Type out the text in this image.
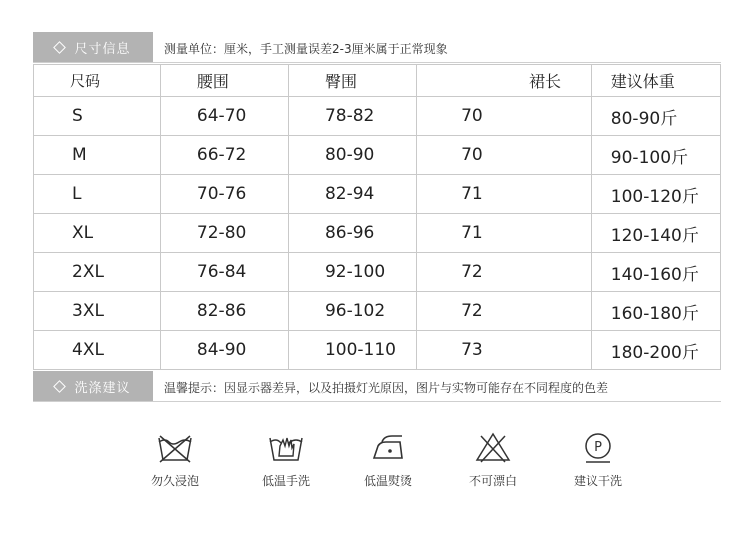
尺寸信息	测量单位：厘米，手工测量误差2-3厘米属于正常现象
尺码	腰围	臀围	裙长	建议体重
S	64-70	78-82	70	80-90斤
M	66-72	80-90	70	90-100斤
L	70-76	82-94	71	100-120斤
XL	72-80	86-96	71	120-140斤
2XL	76-84	92-100	72	140-160斤
3XL	82-86	96-102	72	160-180斤
4XL	84-90	100-110	73	180-200斤
洗涤建议	温馨提示：因显示器差异，以及拍摄灯光原因，图片与实物可能存在不同程度的色差
勿久浸泡	低温手洗	低温熨烫	不可漂白
P
建议干洗
